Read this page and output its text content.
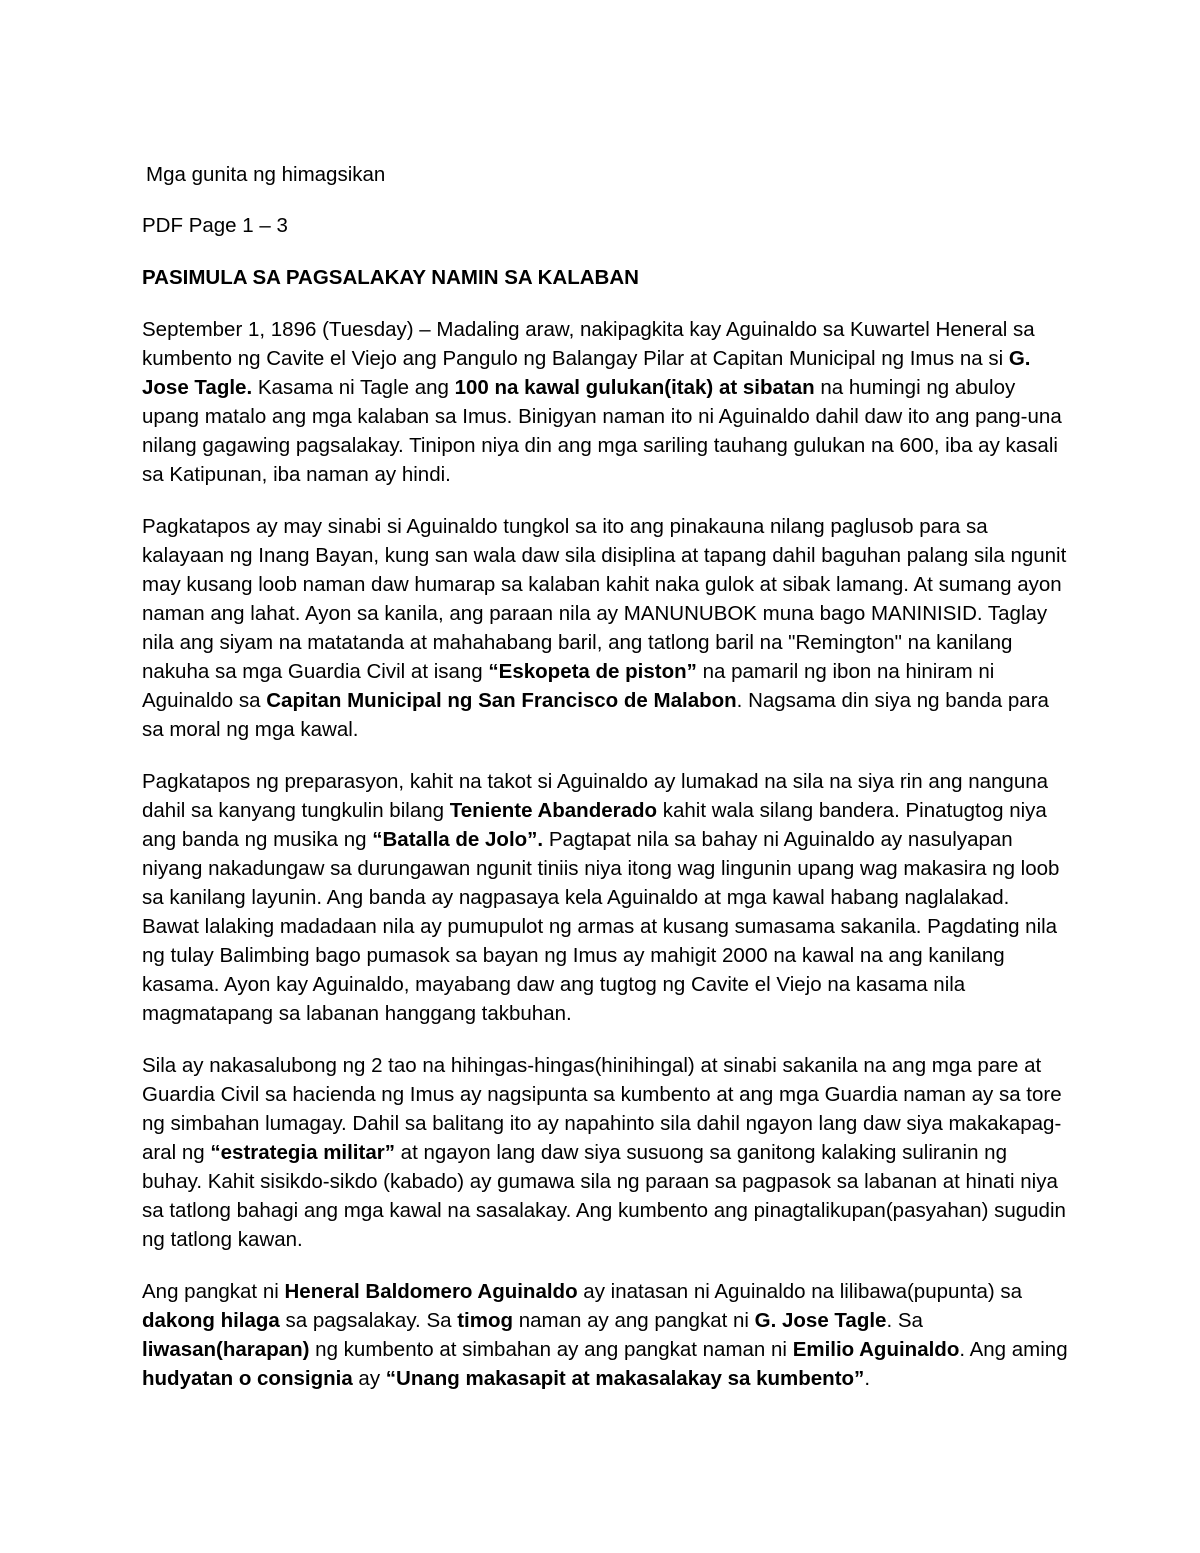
Mga gunita ng himagsikan
PDF Page 1 – 3
PASIMULA SA PAGSALAKAY NAMIN SA KALABAN

September 1, 1896 (Tuesday) – Madaling araw, nakipagkita kay Aguinaldo sa Kuwartel Heneral sa kumbento ng Cavite el Viejo ang Pangulo ng Balangay Pilar at Capitan Municipal ng Imus na si G. Jose Tagle. Kasama ni Tagle ang 100 na kawal gulukan(itak) at sibatan na humingi ng abuloy upang matalo ang mga kalaban sa Imus. Binigyan naman ito ni Aguinaldo dahil daw ito ang pang-una nilang gagawing pagsalakay. Tinipon niya din ang mga sariling tauhang gulukan na 600, iba ay kasali sa Katipunan, iba naman ay hindi.

Pagkatapos ay may sinabi si Aguinaldo tungkol sa ito ang pinakauna nilang paglusob para sa kalayaan ng Inang Bayan, kung san wala daw sila disiplina at tapang dahil baguhan palang sila ngunit may kusang loob naman daw humarap sa kalaban kahit naka gulok at sibak lamang. At sumang ayon naman ang lahat. Ayon sa kanila, ang paraan nila ay MANUNUBOK muna bago MANINISID. Taglay nila ang siyam na matatanda at mahahabang baril, ang tatlong baril na "Remington" na kanilang nakuha sa mga Guardia Civil at isang “Eskopeta de piston” na pamaril ng ibon na hiniram ni Aguinaldo sa Capitan Municipal ng San Francisco de Malabon. Nagsama din siya ng banda para sa moral ng mga kawal.

Pagkatapos ng preparasyon, kahit na takot si Aguinaldo ay lumakad na sila na siya rin ang nanguna dahil sa kanyang tungkulin bilang Teniente Abanderado kahit wala silang bandera. Pinatugtog niya ang banda ng musika ng “Batalla de Jolo”. Pagtapat nila sa bahay ni Aguinaldo ay nasulyapan niyang nakadungaw sa durungawan ngunit tiniis niya itong wag lingunin upang wag makasira ng loob sa kanilang layunin. Ang banda ay nagpasaya kela Aguinaldo at mga kawal habang naglalakad. Bawat lalaking madadaan nila ay pumupulot ng armas at kusang sumasama sakanila. Pagdating nila ng tulay Balimbing bago pumasok sa bayan ng Imus ay mahigit 2000 na kawal na ang kanilang kasama. Ayon kay Aguinaldo, mayabang daw ang tugtog ng Cavite el Viejo na kasama nila magmatapang sa labanan hanggang takbuhan.

Sila ay nakasalubong ng 2 tao na hihingas-hingas(hinihingal) at sinabi sakanila na ang mga pare at Guardia Civil sa hacienda ng Imus ay nagsipunta sa kumbento at ang mga Guardia naman ay sa tore ng simbahan lumagay. Dahil sa balitang ito ay napahinto sila dahil ngayon lang daw siya makakapag-aral ng “estrategia militar” at ngayon lang daw siya susuong sa ganitong kalaking suliranin ng buhay. Kahit sisikdo-sikdo (kabado) ay gumawa sila ng paraan sa pagpasok sa labanan at hinati niya sa tatlong bahagi ang mga kawal na sasalakay. Ang kumbento ang pinagtalikupan(pasyahan) sugudin ng tatlong kawan.

Ang pangkat ni Heneral Baldomero Aguinaldo ay inatasan ni Aguinaldo na lilibawa(pupunta) sa dakong hilaga sa pagsalakay. Sa timog naman ay ang pangkat ni G. Jose Tagle. Sa liwasan(harapan) ng kumbento at simbahan ay ang pangkat naman ni Emilio Aguinaldo. Ang aming hudyatan o consignia ay “Unang makasapit at makasalakay sa kumbento”.
